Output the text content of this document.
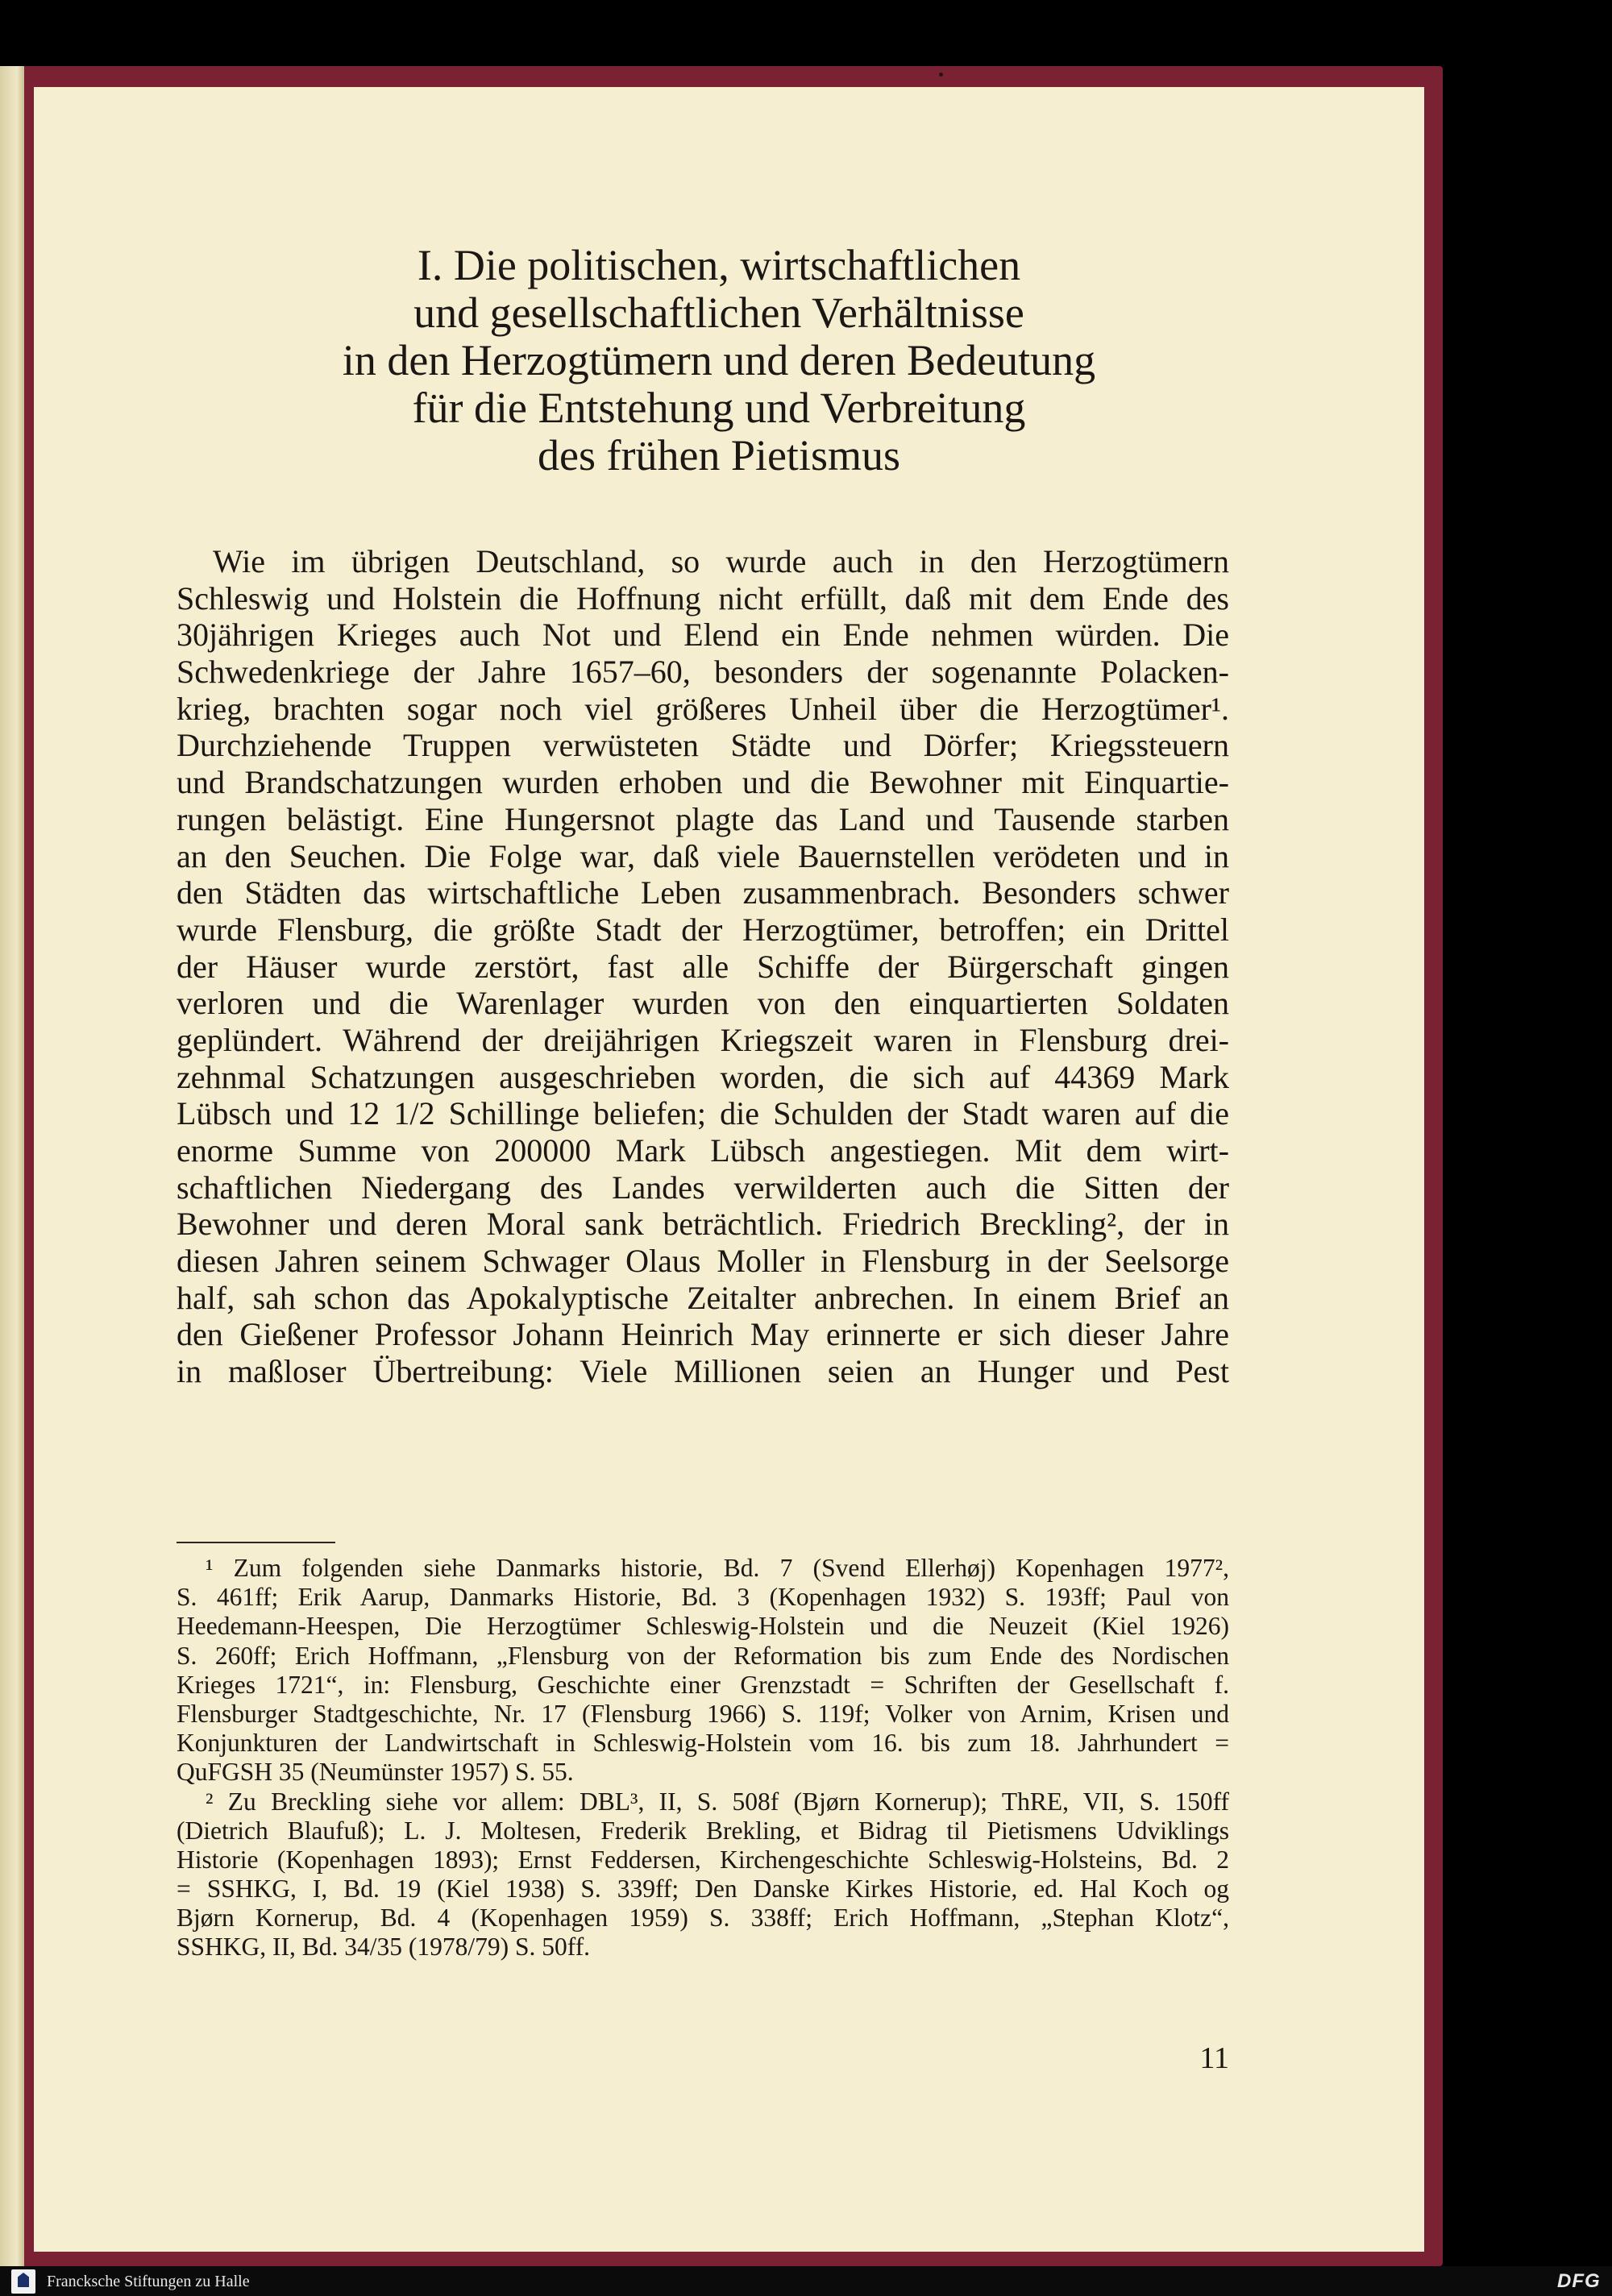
I. Die politischen, wirtschaftlichen
und gesellschaftlichen Verhältnisse
in den Herzogtümern und deren Bedeutung
für die Entstehung und Verbreitung
des frühen Pietismus
Wie im übrigen Deutschland, so wurde auch in den Herzogtümern
Schleswig und Holstein die Hoffnung nicht erfüllt, daß mit dem Ende des
30jährigen Krieges auch Not und Elend ein Ende nehmen würden. Die
Schwedenkriege der Jahre 1657–60, besonders der sogenannte Polacken-
krieg, brachten sogar noch viel größeres Unheil über die Herzogtümer¹.
Durchziehende Truppen verwüsteten Städte und Dörfer; Kriegssteuern
und Brandschatzungen wurden erhoben und die Bewohner mit Einquartie-
rungen belästigt. Eine Hungersnot plagte das Land und Tausende starben
an den Seuchen. Die Folge war, daß viele Bauernstellen verödeten und in
den Städten das wirtschaftliche Leben zusammenbrach. Besonders schwer
wurde Flensburg, die größte Stadt der Herzogtümer, betroffen; ein Drittel
der Häuser wurde zerstört, fast alle Schiffe der Bürgerschaft gingen
verloren und die Warenlager wurden von den einquartierten Soldaten
geplündert. Während der dreijährigen Kriegszeit waren in Flensburg drei-
zehnmal Schatzungen ausgeschrieben worden, die sich auf 44369 Mark
Lübsch und 12 1/2 Schillinge beliefen; die Schulden der Stadt waren auf die
enorme Summe von 200000 Mark Lübsch angestiegen. Mit dem wirt-
schaftlichen Niedergang des Landes verwilderten auch die Sitten der
Bewohner und deren Moral sank beträchtlich. Friedrich Breckling², der in
diesen Jahren seinem Schwager Olaus Moller in Flensburg in der Seelsorge
half, sah schon das Apokalyptische Zeitalter anbrechen. In einem Brief an
den Gießener Professor Johann Heinrich May erinnerte er sich dieser Jahre
in maßloser Übertreibung: Viele Millionen seien an Hunger und Pest
¹ Zum folgenden siehe Danmarks historie, Bd. 7 (Svend Ellerhøj) Kopenhagen 1977²,
S. 461ff; Erik Aarup, Danmarks Historie, Bd. 3 (Kopenhagen 1932) S. 193ff; Paul von
Heedemann-Heespen, Die Herzogtümer Schleswig-Holstein und die Neuzeit (Kiel 1926)
S. 260ff; Erich Hoffmann, „Flensburg von der Reformation bis zum Ende des Nordischen
Krieges 1721“, in: Flensburg, Geschichte einer Grenzstadt = Schriften der Gesellschaft f.
Flensburger Stadtgeschichte, Nr. 17 (Flensburg 1966) S. 119f; Volker von Arnim, Krisen und
Konjunkturen der Landwirtschaft in Schleswig-Holstein vom 16. bis zum 18. Jahrhundert =
QuFGSH 35 (Neumünster 1957) S. 55.
² Zu Breckling siehe vor allem: DBL³, II, S. 508f (Bjørn Kornerup); ThRE, VII, S. 150ff
(Dietrich Blaufuß); L. J. Moltesen, Frederik Brekling, et Bidrag til Pietismens Udviklings
Historie (Kopenhagen 1893); Ernst Feddersen, Kirchengeschichte Schleswig-Holsteins, Bd. 2
= SSHKG, I, Bd. 19 (Kiel 1938) S. 339ff; Den Danske Kirkes Historie, ed. Hal Koch og
Bjørn Kornerup, Bd. 4 (Kopenhagen 1959) S. 338ff; Erich Hoffmann, „Stephan Klotz“,
SSHKG, II, Bd. 34/35 (1978/79) S. 50ff.
11
Francksche Stiftungen zu Halle	DFG
